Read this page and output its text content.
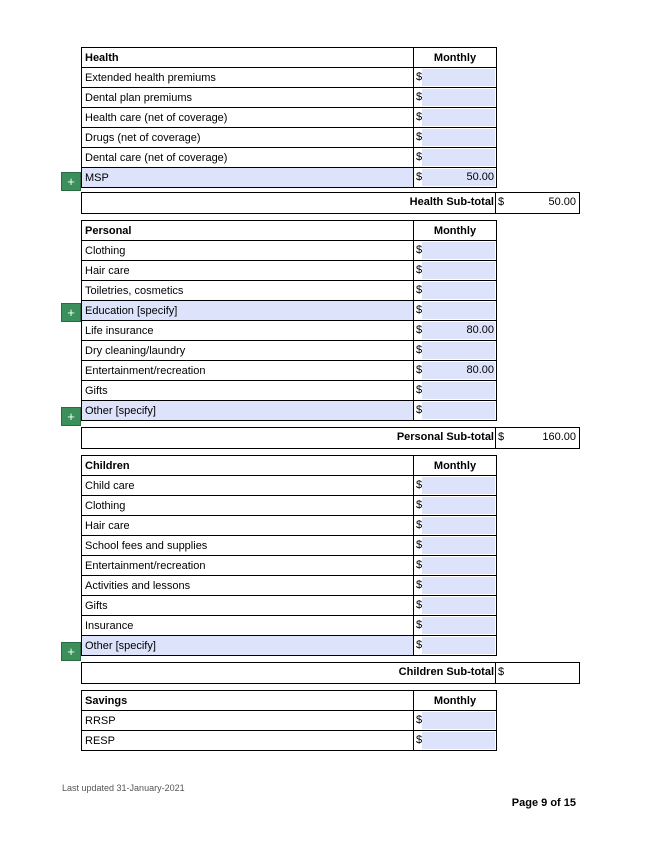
Health	Monthly
Extended health premiums	$

Dental plan premiums	$

Health care (net of coverage)	$

Drugs (net of coverage)	$

Dental care (net of coverage)	$

MSP	$ 50.00
+
Health Sub-total $	50.00
Personal	Monthly
Clothing	$

Hair care	$

Toiletries, cosmetics	$

Education [specify]	$

Life insurance	$ 80.00

Dry cleaning/laundry	$

Entertainment/recreation	$ 80.00

Gifts	$

Other [specify]	$
+
+
Personal Sub-total $	160.00
Children	Monthly
Child care	$

Clothing	$

Hair care	$

School fees and supplies	$

Entertainment/recreation	$

Activities and lessons	$

Gifts	$

Insurance	$

Other [specify]	$
+
Children Sub-total $
Savings	Monthly
RRSP	$

RESP	$
Last updated 31-January-2021
Page 9 of 15
